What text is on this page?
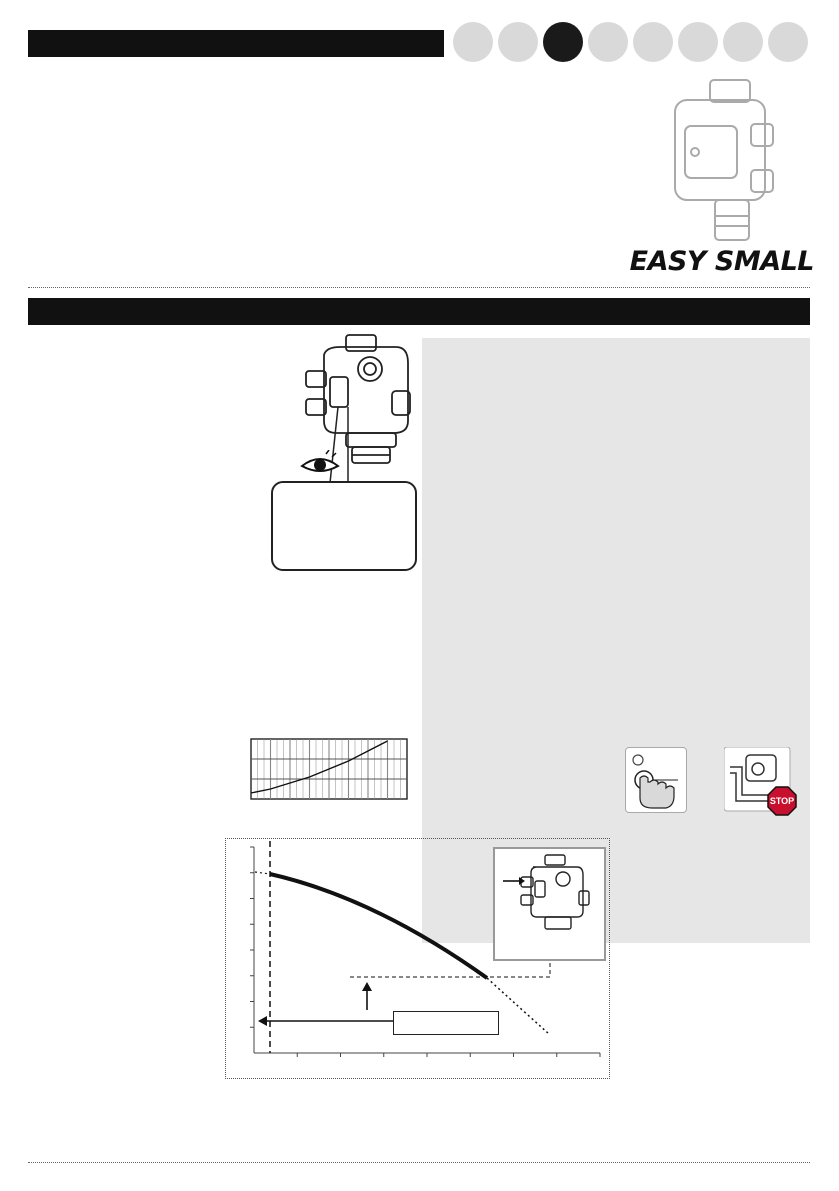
EASY SMALL
STOP
